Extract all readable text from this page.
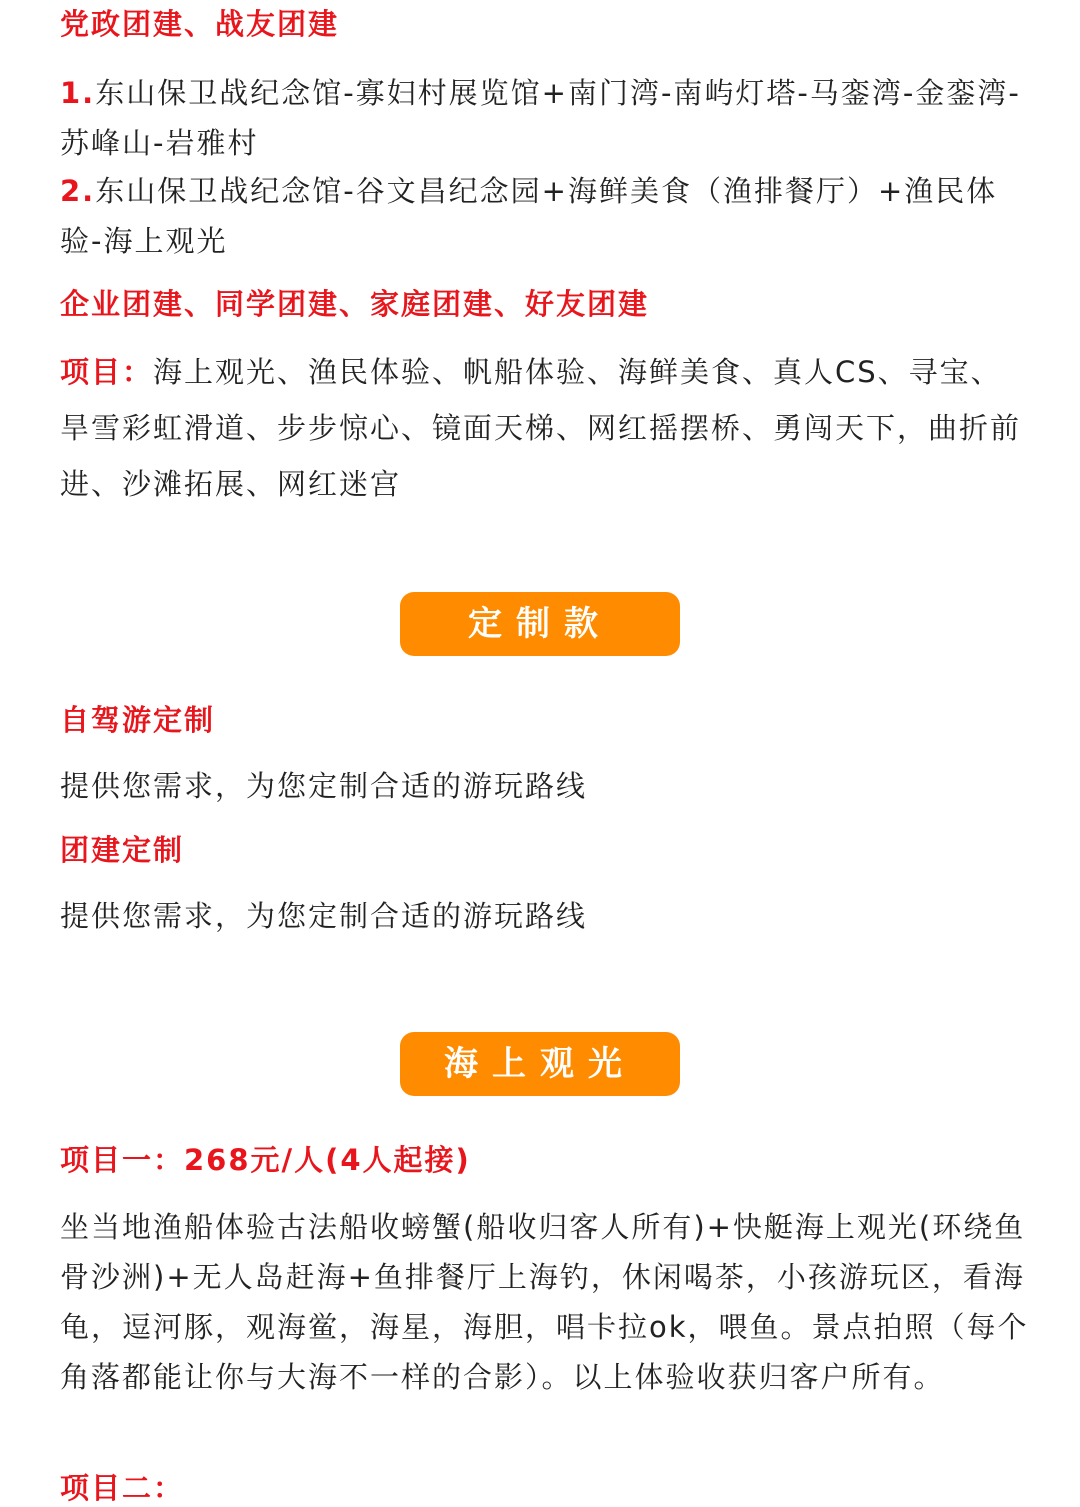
党政团建、战友团建
1.东山保卫战纪念馆-寡妇村展览馆+南门湾-南屿灯塔-马銮湾-金銮湾-苏峰山-岩雅村
2.东山保卫战纪念馆-谷文昌纪念园+海鲜美食（渔排餐厅）+渔民体验-海上观光
企业团建、同学团建、家庭团建、好友团建
项目：海上观光、渔民体验、帆船体验、海鲜美食、真人CS、寻宝、旱雪彩虹滑道、步步惊心、镜面天梯、网红摇摆桥、勇闯天下，曲折前进、沙滩拓展、网红迷宫
定制款
自驾游定制
提供您需求，为您定制合适的游玩路线
团建定制
提供您需求，为您定制合适的游玩路线
海上观光
项目一：268元/人(4人起接)
坐当地渔船体验古法船收螃蟹(船收归客人所有)+快艇海上观光(环绕鱼骨沙洲)+无人岛赶海+鱼排餐厅上海钓，休闲喝茶，小孩游玩区，看海龟，逗河豚，观海鲎，海星，海胆，唱卡拉ok，喂鱼。景点拍照（每个角落都能让你与大海不一样的合影）。以上体验收获归客户所有。
项目二：
